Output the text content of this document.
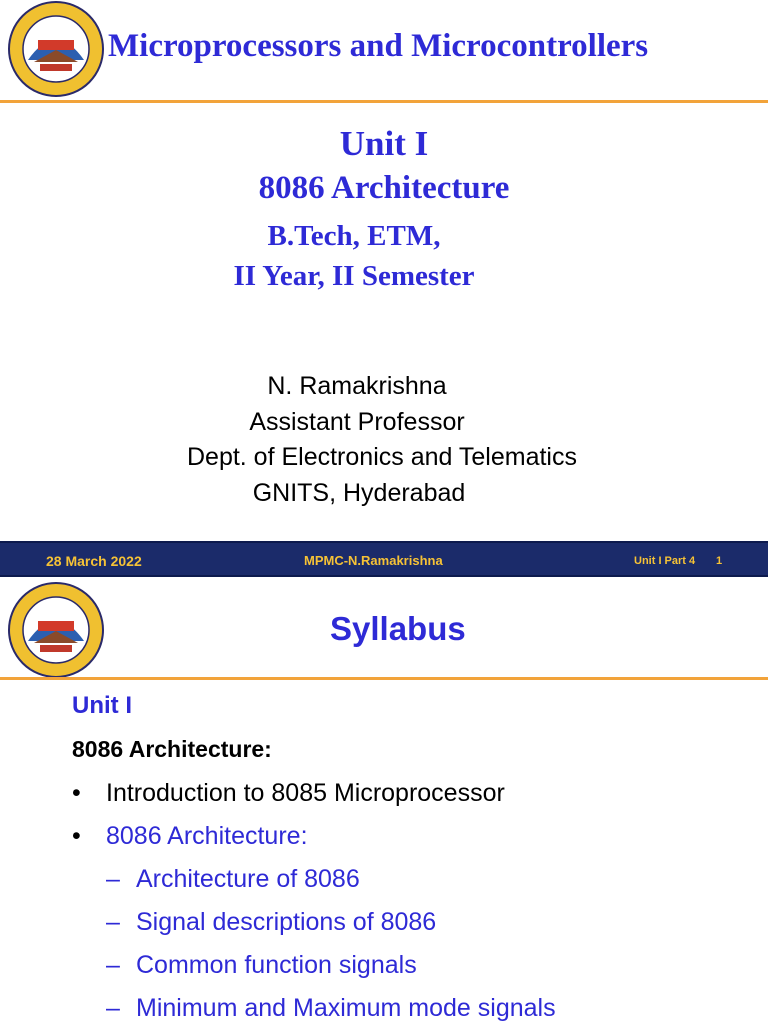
Microprocessors and Microcontrollers
Unit I
8086 Architecture
B.Tech, ETM,
II Year, II Semester
N. Ramakrishna
Assistant Professor
Dept. of Electronics and Telematics
GNITS, Hyderabad
28 March 2022	MPMC-N.Ramakrishna	Unit I Part 4 1
Syllabus
Unit I
8086 Architecture:
• Introduction to 8085 Microprocessor
• 8086 Architecture:
– Architecture of 8086
– Signal descriptions of 8086
– Common function signals
– Minimum and Maximum mode signals
